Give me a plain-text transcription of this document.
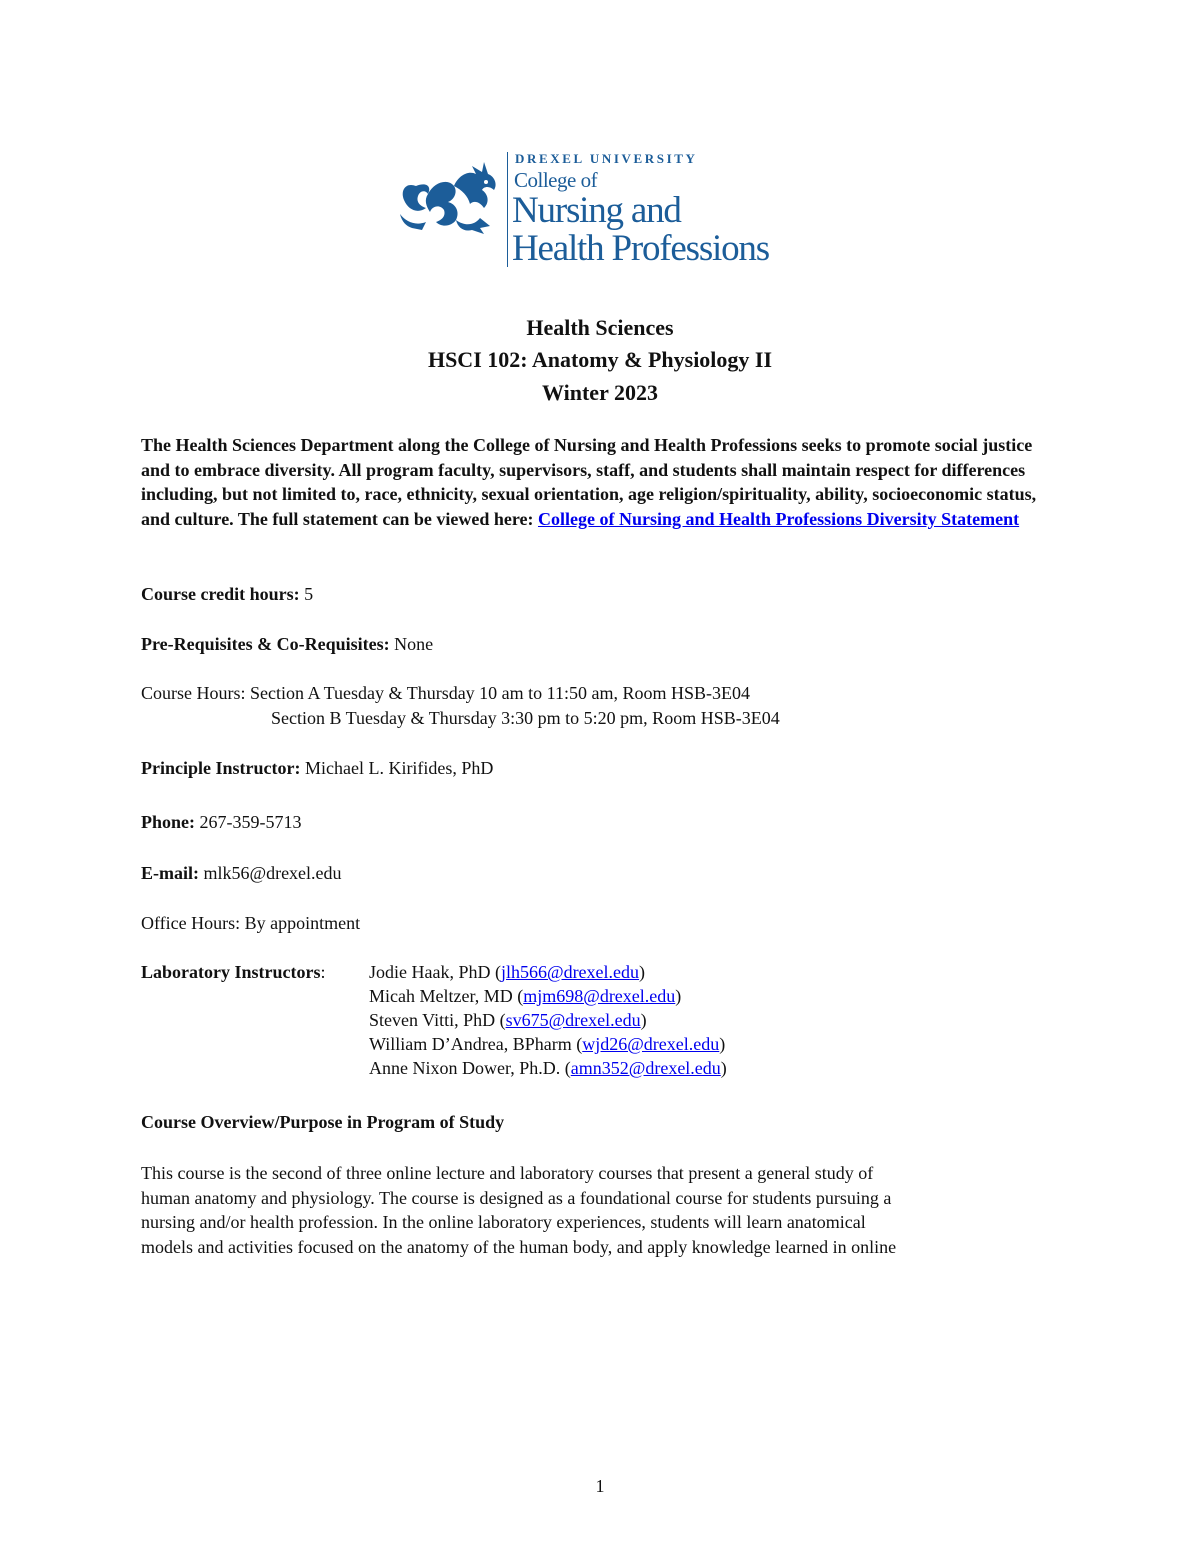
DREXEL UNIVERSITY
College of
Nursing and
Health Professions
Health Sciences
HSCI 102: Anatomy & Physiology II
Winter 2023
The Health Sciences Department along the College of Nursing and Health Professions seeks to promote social justice and to embrace diversity. All program faculty, supervisors, staff, and students shall maintain respect for differences including, but not limited to, race, ethnicity, sexual orientation, age religion/spirituality, ability, socioeconomic status, and culture. The full statement can be viewed here: College of Nursing and Health Professions Diversity Statement
Course credit hours: 5
Pre-Requisites & Co-Requisites: None
Course Hours: Section A Tuesday & Thursday 10 am to 11:50 am, Room HSB-3E04
Section B Tuesday & Thursday 3:30 pm to 5:20 pm, Room HSB-3E04
Principle Instructor: Michael L. Kirifides, PhD
Phone: 267-359-5713
E-mail: mlk56@drexel.edu
Office Hours: By appointment
Laboratory Instructors:	Jodie Haak, PhD (jlh566@drexel.edu)
Micah Meltzer, MD (mjm698@drexel.edu)
Steven Vitti, PhD (sv675@drexel.edu)
William D’Andrea, BPharm (wjd26@drexel.edu)
Anne Nixon Dower, Ph.D. (amn352@drexel.edu)
Course Overview/Purpose in Program of Study
This course is the second of three online lecture and laboratory courses that present a general study of
human anatomy and physiology. The course is designed as a foundational course for students pursuing a
nursing and/or health profession. In the online laboratory experiences, students will learn anatomical
models and activities focused on the anatomy of the human body, and apply knowledge learned in online
1
